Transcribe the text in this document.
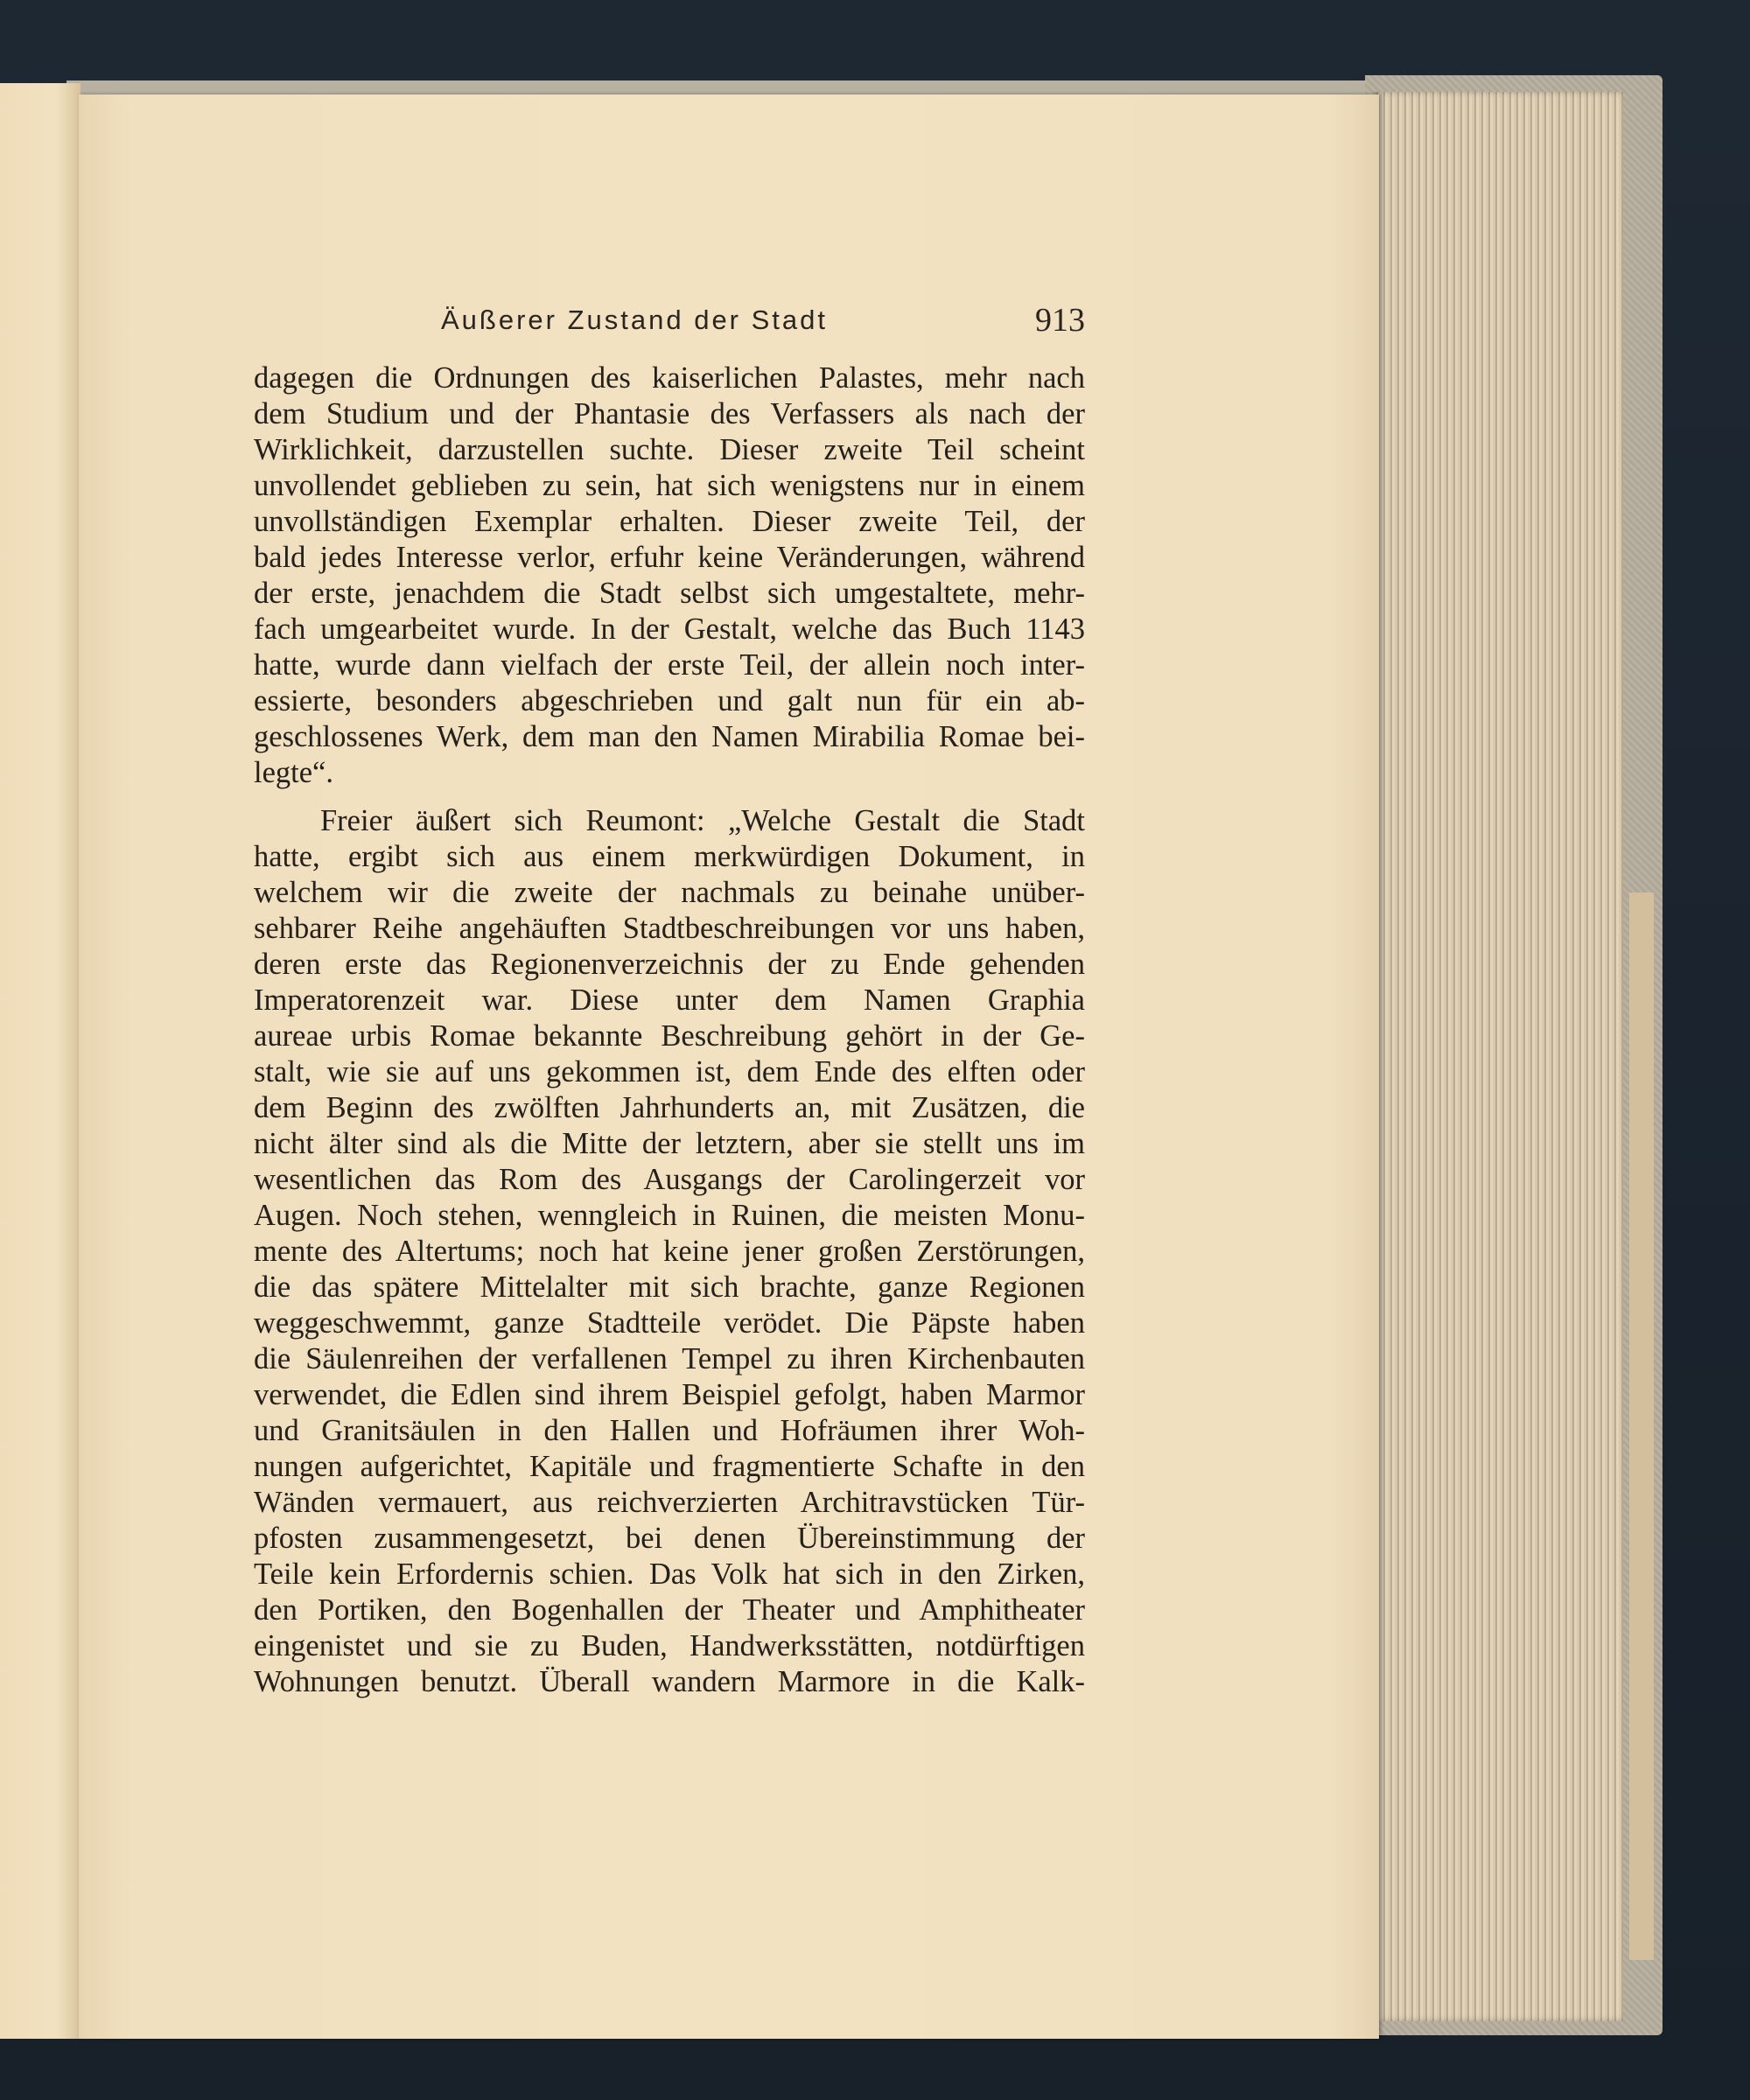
Äußerer Zustand der Stadt	913
dagegen die Ordnungen des kaiserlichen Palastes, mehr nach
dem Studium und der Phantasie des Verfassers als nach der
Wirklichkeit, darzustellen suchte. Dieser zweite Teil scheint
unvollendet geblieben zu sein, hat sich wenigstens nur in einem
unvollständigen Exemplar erhalten. Dieser zweite Teil, der
bald jedes Interesse verlor, erfuhr keine Veränderungen, während
der erste, jenachdem die Stadt selbst sich umgestaltete, mehr-
fach umgearbeitet wurde. In der Gestalt, welche das Buch 1143
hatte, wurde dann vielfach der erste Teil, der allein noch inter-
essierte, besonders abgeschrieben und galt nun für ein ab-
geschlossenes Werk, dem man den Namen Mirabilia Romae bei-
legte“.
Freier äußert sich Reumont: „Welche Gestalt die Stadt
hatte, ergibt sich aus einem merkwürdigen Dokument, in
welchem wir die zweite der nachmals zu beinahe unüber-
sehbarer Reihe angehäuften Stadtbeschreibungen vor uns haben,
deren erste das Regionenverzeichnis der zu Ende gehenden
Imperatorenzeit war. Diese unter dem Namen Graphia
aureae urbis Romae bekannte Beschreibung gehört in der Ge-
stalt, wie sie auf uns gekommen ist, dem Ende des elften oder
dem Beginn des zwölften Jahrhunderts an, mit Zusätzen, die
nicht älter sind als die Mitte der letztern, aber sie stellt uns im
wesentlichen das Rom des Ausgangs der Carolingerzeit vor
Augen. Noch stehen, wenngleich in Ruinen, die meisten Monu-
mente des Altertums; noch hat keine jener großen Zerstörungen,
die das spätere Mittelalter mit sich brachte, ganze Regionen
weggeschwemmt, ganze Stadtteile verödet. Die Päpste haben
die Säulenreihen der verfallenen Tempel zu ihren Kirchenbauten
verwendet, die Edlen sind ihrem Beispiel gefolgt, haben Marmor
und Granitsäulen in den Hallen und Hofräumen ihrer Woh-
nungen aufgerichtet, Kapitäle und fragmentierte Schafte in den
Wänden vermauert, aus reichverzierten Architravstücken Tür-
pfosten zusammengesetzt, bei denen Übereinstimmung der
Teile kein Erfordernis schien. Das Volk hat sich in den Zirken,
den Portiken, den Bogenhallen der Theater und Amphitheater
eingenistet und sie zu Buden, Handwerksstätten, notdürftigen
Wohnungen benutzt. Überall wandern Marmore in die Kalk-
